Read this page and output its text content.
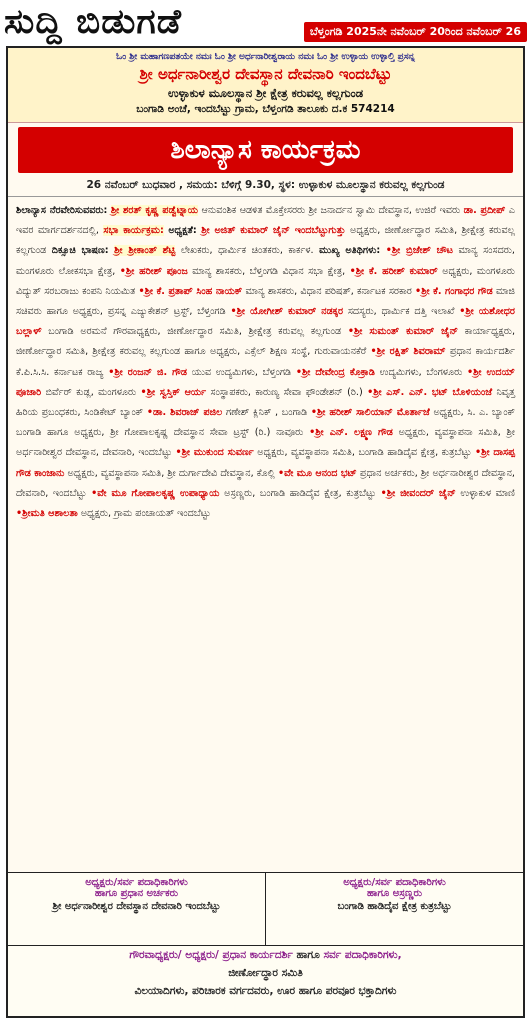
ಸುದ್ದಿ ಬಿಡುಗಡೆ	ಬೆಳ್ತಂಗಡಿ 2025ನೇ ನವೆಂಬರ್ 20ರಿಂದ ನವೆಂಬರ್ 26
ಓಂ ಶ್ರೀ ಮಹಾಗಣಪತಯೇ ನಮಃ ಓಂ ಶ್ರೀ ಅರ್ಧನಾರೀಶ್ವರಾಯ ನಮಃ ಓಂ ಶ್ರೀ ಉಳ್ಳಾಯ ಉಳ್ಳಾಲ್ತಿ ಪ್ರಸನ್ನ
ಶ್ರೀ ಅರ್ಧನಾರೀಶ್ವರ ದೇವಸ್ಥಾನ ದೇವನಾರಿ ಇಂದಬೆಟ್ಟು
ಉಳ್ಳಾಕುಳ ಮೂಲಸ್ಥಾನ ಶ್ರೀ ಕ್ಷೇತ್ರ ಕರುವಲ್ಲ ಕಲ್ಲಗುಂಡ
ಬಂಗಾಡಿ ಅಂಚೆ, ಇಂದಬೆಟ್ಟು ಗ್ರಾಮ, ಬೆಳ್ತಂಗಡಿ ತಾಲೂಕು ದ.ಕ 574214
ಶಿಲಾನ್ಯಾಸ ಕಾರ್ಯಕ್ರಮ
26 ನವೆಂಬರ್ ಬುಧವಾರ , ಸಮಯ: ಬೆಳಿಗ್ಗೆ 9.30, ಸ್ಥಳ: ಉಳ್ಳಾಕುಳ ಮೂಲಸ್ಥಾನ ಕರುವಲ್ಲ ಕಲ್ಲಗುಂಡ
ಶಿಲಾನ್ಯಾಸ ನೆರವೇರಿಸುವವರು: ಶ್ರೀ ಶರತ್ ಕೃಷ್ಣ ಪಡ್ವೆಟ್ನಾಯ ಆನುವಂಶಿಕ ಆಡಳಿತ ಮೊಕ್ತೇಸರರು ಶ್ರೀ ಜನಾರ್ದನ ಸ್ವಾಮಿ ದೇವಸ್ಥಾನ, ಉಜಿರೆ ಇವರು ಡಾ. ಪ್ರದೀಪ್ ಎ ಇವರ ಮಾರ್ಗದರ್ಶನದಲ್ಲಿ, ಸಭಾ ಕಾರ್ಯಕ್ರಮ: ಅಧ್ಯಕ್ಷತೆ: ಶ್ರೀ ಅಜಿತ್ ಕುಮಾರ್ ಜೈನ್ ಇಂದಬೆಟ್ಟುಗುತ್ತು ಅಧ್ಯಕ್ಷರು, ಜೀರ್ಣೋದ್ಧಾರ ಸಮಿತಿ, ಶ್ರೀಕ್ಷೇತ್ರ ಕರುವಲ್ಲ ಕಲ್ಲಗುಂಡ ದಿಕ್ಸೂಚಿ ಭಾಷಣ: ಶ್ರೀ ಶ್ರೀಕಾಂತ್ ಶೆಟ್ಟಿ ಲೇಖಕರು, ಧಾರ್ಮಿಕ ಚಿಂತಕರು, ಕಾರ್ಕಳ. ಮುಖ್ಯ ಅತಿಥಿಗಳು: •ಶ್ರೀ ಬ್ರಿಜೇಶ್ ಚೌಟ ಮಾನ್ಯ ಸಂಸದರು, ಮಂಗಳೂರು ಲೋಕಸಭಾ ಕ್ಷೇತ್ರ, •ಶ್ರೀ ಹರೀಶ್ ಪೂಂಜ ಮಾನ್ಯ ಶಾಸಕರು, ಬೆಳ್ತಂಗಡಿ ವಿಧಾನ ಸಭಾ ಕ್ಷೇತ್ರ, •ಶ್ರೀ ಕೆ. ಹರೀಶ್ ಕುಮಾರ್ ಅಧ್ಯಕ್ಷರು, ಮಂಗಳೂರು ವಿದ್ಯುತ್ ಸರಬರಾಜು ಕಂಪನಿ ನಿಯಮಿತ •ಶ್ರೀ ಕೆ. ಪ್ರತಾಪ್ ಸಿಂಹ ನಾಯಕ್ ಮಾನ್ಯ ಶಾಸಕರು, ವಿಧಾನ ಪರಿಷತ್, ಕರ್ನಾಟಕ ಸರಕಾರ •ಶ್ರೀ ಕೆ. ಗಂಗಾಧರ ಗೌಡ ಮಾಜಿ ಸಚಿವರು ಹಾಗೂ ಅಧ್ಯಕ್ಷರು, ಪ್ರಸನ್ನ ಎಜ್ಯುಕೇಶನ್ ಟ್ರಸ್ಟ್, ಬೆಳ್ತಂಗಡಿ •ಶ್ರೀ ಯೋಗೀಶ್ ಕುಮಾರ್ ನಡಕ್ಕರ ಸದಸ್ಯರು, ಧಾರ್ಮಿಕ ದತ್ತಿ ಇಲಾಖೆ •ಶ್ರೀ ಯಶೋಧರ ಬಲ್ಲಾಳ್ ಬಂಗಾಡಿ ಅರಮನೆ ಗೌರವಾಧ್ಯಕ್ಷರು, ಜೀರ್ಣೋದ್ಧಾರ ಸಮಿತಿ, ಶ್ರೀಕ್ಷೇತ್ರ ಕರುವಲ್ಲ ಕಲ್ಲಗುಂಡ •ಶ್ರೀ ಸುಮಂತ್ ಕುಮಾರ್ ಜೈನ್ ಕಾರ್ಯಾಧ್ಯಕ್ಷರು, ಜೀರ್ಣೋದ್ಧಾರ ಸಮಿತಿ, ಶ್ರೀಕ್ಷೇತ್ರ ಕರುವಲ್ಲ ಕಲ್ಲಗುಂಡ ಹಾಗೂ ಅಧ್ಯಕ್ಷರು, ಎಕ್ಸೆಲ್ ಶಿಕ್ಷಣ ಸಂಸ್ಥೆ, ಗುರುವಾಯನಕೆರೆ •ಶ್ರೀ ರಕ್ಷಿತ್ ಶಿವರಾಮ್ ಪ್ರಧಾನ ಕಾರ್ಯದರ್ಶಿ ಕೆ.ಪಿ.ಸಿ.ಸಿ. ಕರ್ನಾಟಕ ರಾಜ್ಯ •ಶ್ರೀ ರಂಜನ್ ಜಿ. ಗೌಡ ಯುವ ಉದ್ಯಮಿಗಳು, ಬೆಳ್ತಂಗಡಿ •ಶ್ರೀ ದೇವೇಂದ್ರ ಕೊಕ್ರಾಡಿ ಉದ್ಯಮಿಗಳು, ಬೆಂಗಳೂರು •ಶ್ರೀ ಉದಯ್ ಪೂಜಾರಿ ಬಿರ್ವೆರ್ ಕುಡ್ಲ, ಮಂಗಳೂರು •ಶ್ರೀ ಸ್ವಸ್ತಿಕ್ ಆರ್ಯ ಸಂಸ್ಥಾಪಕರು, ಕಾರುಣ್ಯ ಸೇವಾ ಫೌಂಡೇಶನ್ (ರಿ.) •ಶ್ರೀ ಎಸ್. ಎನ್. ಭಟ್ ಬೊಳಿಯಂಜೆ ನಿವೃತ್ತ ಹಿರಿಯ ಪ್ರಬಂಧಕರು, ಸಿಂಡಿಕೇಟ್ ಬ್ಯಾಂಕ್ •ಡಾ. ಶಿವರಾಜ್ ಪಜಿಲ ಗಣೇಶ್ ಕ್ಲಿನಿಕ್ , ಬಂಗಾಡಿ •ಶ್ರೀ ಹರೀಶ್ ಸಾಲಿಯಾನ್ ಮೊರ್ತಾಜೆ ಅಧ್ಯಕ್ಷರು, ಸಿ. ಎ. ಬ್ಯಾಂಕ್ ಬಂಗಾಡಿ ಹಾಗೂ ಅಧ್ಯಕ್ಷರು, ಶ್ರೀ ಗೋಪಾಲಕೃಷ್ಣ ದೇವಸ್ಥಾನ ಸೇವಾ ಟ್ರಸ್ಟ್ (ರಿ.) ನಾವೂರು •ಶ್ರೀ ಎನ್. ಲಕ್ಷ್ಮಣ ಗೌಡ ಅಧ್ಯಕ್ಷರು, ವ್ಯವಸ್ಥಾಪನಾ ಸಮಿತಿ, ಶ್ರೀ ಅರ್ಧನಾರೀಶ್ವರ ದೇವಸ್ಥಾನ, ದೇವನಾರಿ, ಇಂದಬೆಟ್ಟು •ಶ್ರೀ ಮುಕುಂದ ಸುವರ್ಣ ಅಧ್ಯಕ್ಷರು, ವ್ಯವಸ್ಥಾಪನಾ ಸಮಿತಿ, ಬಂಗಾಡಿ ಹಾಡಿದೈವ ಕ್ಷೇತ್ರ, ಕುತ್ರಬೆಟ್ಟು •ಶ್ರೀ ದಾಸಪ್ಪ ಗೌಡ ಕಾಂಜಾನು ಅಧ್ಯಕ್ಷರು, ವ್ಯವಸ್ಥಾಪನಾ ಸಮಿತಿ, ಶ್ರೀ ದುರ್ಗಾದೇವಿ ದೇವಸ್ಥಾನ, ಕೊಲ್ಲಿ •ವೇ ಮೂ ಆನಂದ ಭಟ್ ಪ್ರಧಾನ ಅರ್ಚಕರು, ಶ್ರೀ ಅರ್ಧನಾರೀಶ್ವರ ದೇವಸ್ಥಾನ, ದೇವನಾರಿ, ಇಂದಬೆಟ್ಟು •ವೇ ಮೂ ಗೋಪಾಲಕೃಷ್ಣ ಉಪಾಧ್ಯಾಯ ಅಸ್ರಣ್ಣರು, ಬಂಗಾಡಿ ಹಾಡಿದೈವ ಕ್ಷೇತ್ರ, ಕುತ್ರಬೆಟ್ಟು •ಶ್ರೀ ಜೀವಂದರ್ ಜೈನ್ ಉಳ್ಳಾಕುಳ ಮಾಣಿ •ಶ್ರೀಮತಿ ಆಶಾಲತಾ ಅಧ್ಯಕ್ಷರು, ಗ್ರಾಮ ಪಂಚಾಯತ್ ಇಂದಬೆಟ್ಟು
ಅಧ್ಯಕ್ಷರು/ಸರ್ವ ಪದಾಧಿಕಾರಿಗಳು
ಹಾಗೂ ಪ್ರಧಾನ ಅರ್ಚಕರು
ಶ್ರೀ ಅರ್ಧನಾರೀಶ್ವರ ದೇವಸ್ಥಾನ ದೇವನಾರಿ ಇಂದಬೆಟ್ಟು
ಅಧ್ಯಕ್ಷರು/ಸರ್ವ ಪದಾಧಿಕಾರಿಗಳು
ಹಾಗೂ ಅಸ್ರಣ್ಣರು
ಬಂಗಾಡಿ ಹಾಡಿದೈವ ಕ್ಷೇತ್ರ ಕುತ್ರಬೆಟ್ಟು
ಗೌರವಾಧ್ಯಕ್ಷರು/ ಅಧ್ಯಕ್ಷರು/ ಪ್ರಧಾನ ಕಾರ್ಯದರ್ಶಿ ಹಾಗೂ ಸರ್ವ ಪದಾಧಿಕಾರಿಗಳು,
ಜೀರ್ಣೋದ್ಧಾರ ಸಮಿತಿ
ವಿಲಯಾದಿಗಳು, ಪರಿಚಾರಕ ವರ್ಗದವರು, ಊರ ಹಾಗೂ ಪರವೂರ ಭಕ್ತಾದಿಗಳು
